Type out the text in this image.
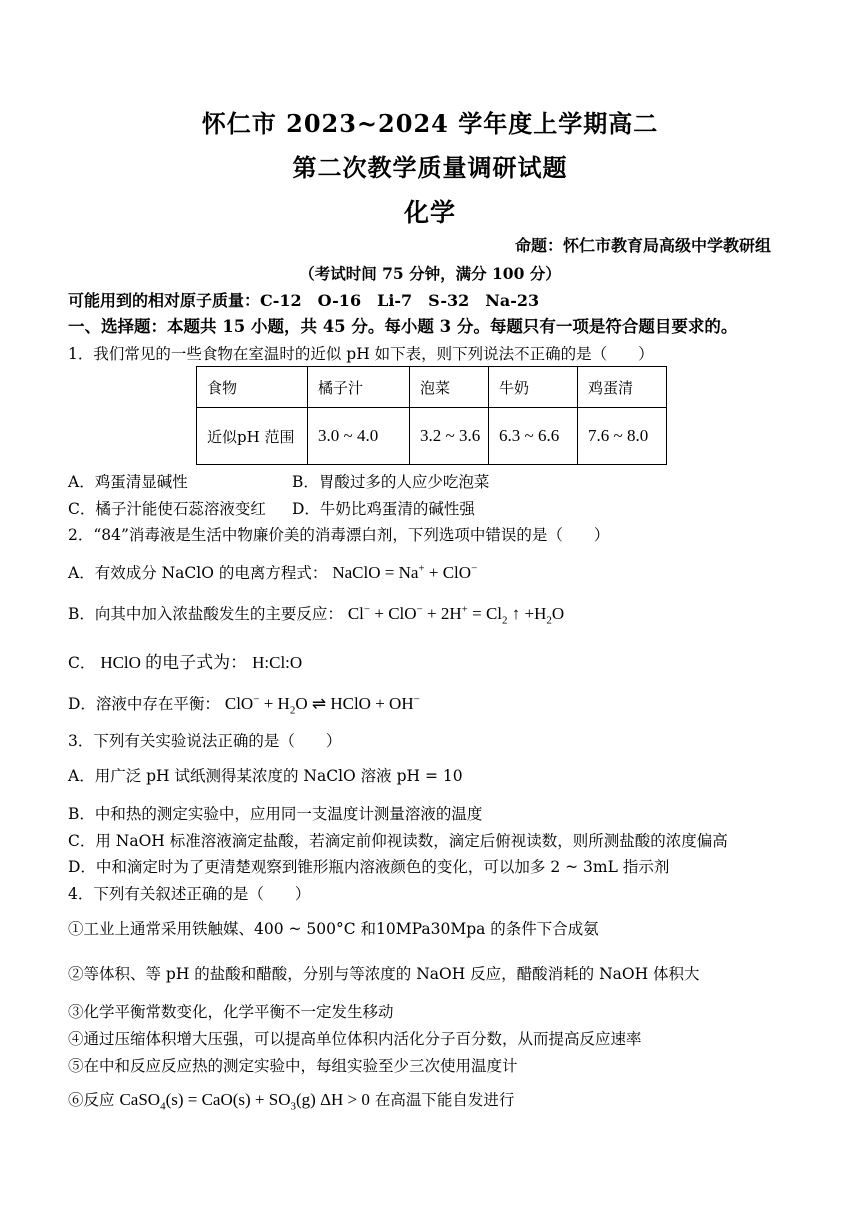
怀仁市 2023~2024 学年度上学期高二
第二次教学质量调研试题
化学
命题：怀仁市教育局高级中学教研组
（考试时间 75 分钟，满分 100 分）
可能用到的相对原子质量：C-12　O-16　Li-7　S-32　Na-23
一、选择题：本题共 15 小题，共 45 分。每小题 3 分。每题只有一项是符合题目要求的。
1．我们常见的一些食物在室温时的近似 pH 如下表，则下列说法不正确的是（　　）
食物	橘子汁	泡菜	牛奶	鸡蛋清
近似pH 范围	3.0 ~ 4.0	3.2 ~ 3.6	6.3 ~ 6.6	7.6 ~ 8.0
A．鸡蛋清显碱性	B．胃酸过多的人应少吃泡菜
C．橘子汁能使石蕊溶液变红 D．牛奶比鸡蛋清的碱性强
2．“84”消毒液是生活中物廉价美的消毒漂白剂，下列选项中错误的是（　　）
A．有效成分 NaClO 的电离方程式： NaClO = Na+ + ClO−
B．向其中加入浓盐酸发生的主要反应： $Cl^- + ClO^- + 2H^+ = Cl_2$ ↑ $+H_2O$
C． HClO 的电子式为： H:Cl:O
D．溶液中存在平衡： $ClO^- + H_2O$ ⇌ HClO + OH−
3．下列有关实验说法正确的是（　　）
A．用广泛 pH 试纸测得某浓度的 NaClO 溶液 pH = 10
B．中和热的测定实验中，应用同一支温度计测量溶液的温度
C．用 NaOH 标准溶液滴定盐酸，若滴定前仰视读数，滴定后俯视读数，则所测盐酸的浓度偏高
D．中和滴定时为了更清楚观察到锥形瓶内溶液颜色的变化，可以加多 2 ~ 3mL 指示剂
4．下列有关叙述正确的是（　　）
①工业上通常采用铁触媒、400 ~ 500°C 和10MPa30Mpa 的条件下合成氨
②等体积、等 pH 的盐酸和醋酸，分别与等浓度的 NaOH 反应，醋酸消耗的 NaOH 体积大
③化学平衡常数变化，化学平衡不一定发生移动
④通过压缩体积增大压强，可以提高单位体积内活化分子百分数，从而提高反应速率
⑤在中和反应反应热的测定实验中，每组实验至少三次使用温度计
⑥反应 CaSO$_4$(s) = $CaO(s) + SO_3(g) \Delta H > 0$ 在高温下能自发进行
